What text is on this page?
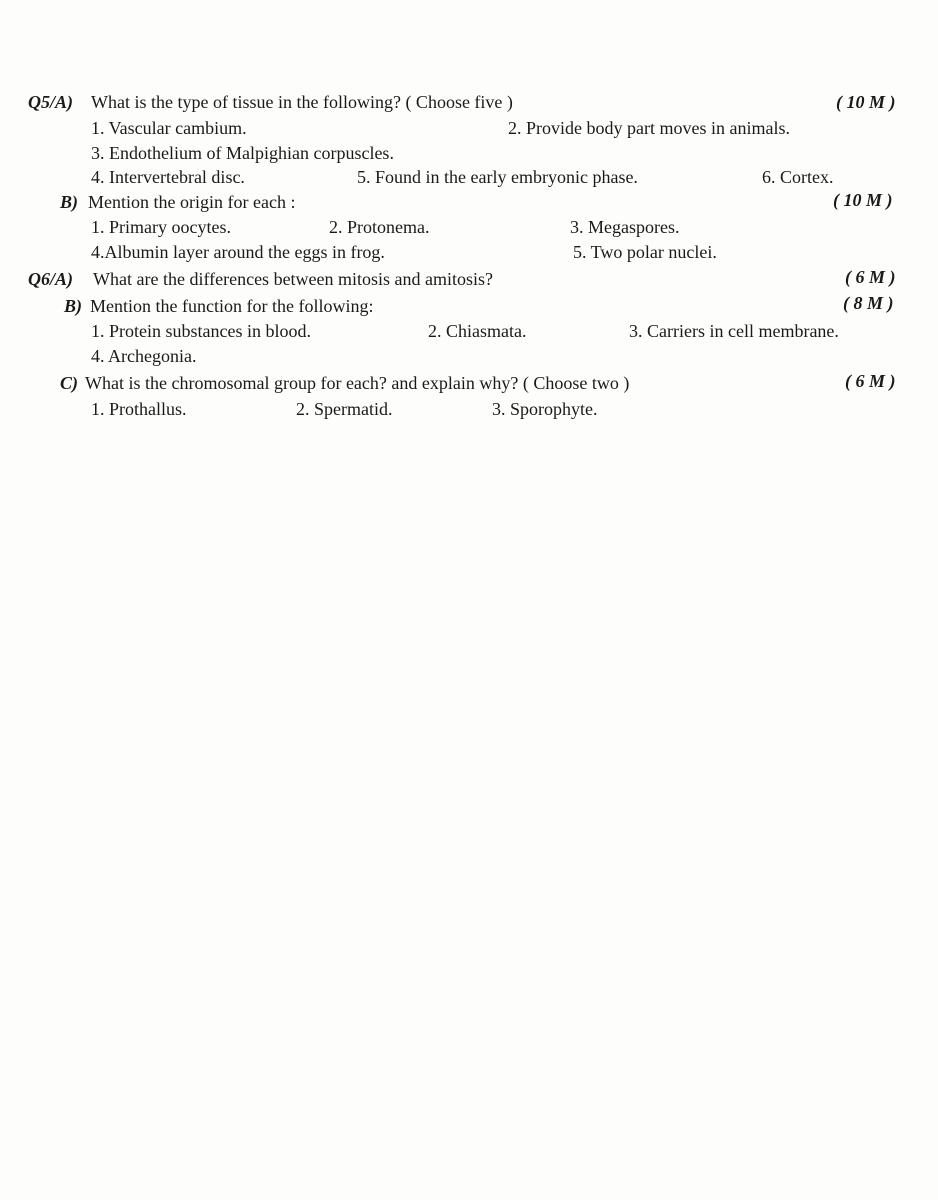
Q5/A) What is the type of tissue in the following? ( Choose five )	( 10 M )
1. Vascular cambium.	2. Provide body part moves in animals.
3. Endothelium of Malpighian corpuscles.
4. Intervertebral disc.	5. Found in the early embryonic phase.	6. Cortex.
B) Mention the origin for each :	( 10 M )
1. Primary oocytes.	2. Protonema.	3. Megaspores.
4.Albumin layer around the eggs in frog.	5. Two polar nuclei.
Q6/A) What are the differences between mitosis and amitosis?	( 6 M )
B) Mention the function for the following:	( 8 M )
1. Protein substances in blood.	2. Chiasmata.	3. Carriers in cell membrane.
4. Archegonia.
C) What is the chromosomal group for each? and explain why? ( Choose two )	( 6 M )
1. Prothallus.	2. Spermatid.	3. Sporophyte.
